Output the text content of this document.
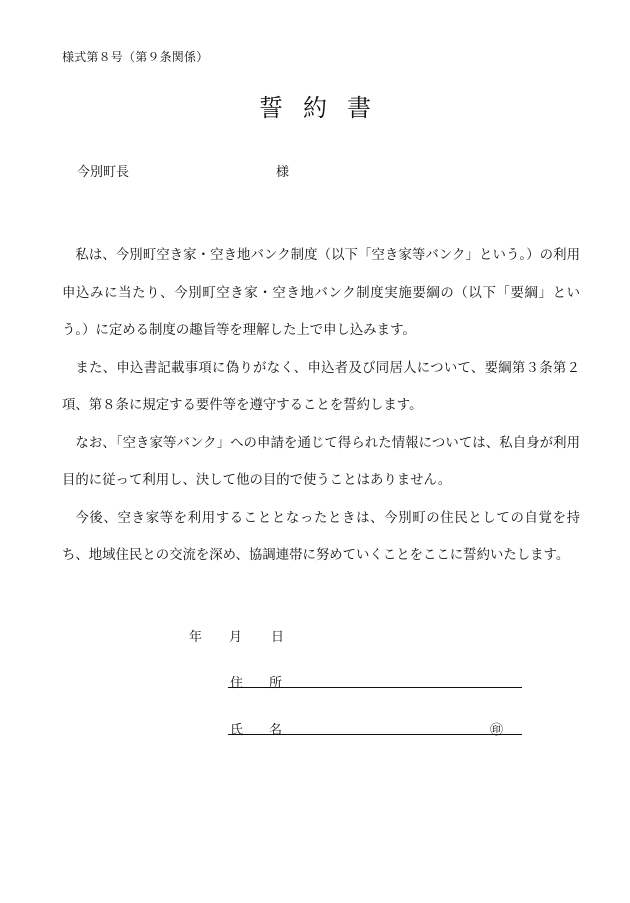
様式第８号（第９条関係）
誓約書
今別町長	様

私は、今別町空き家・空き地バンク制度（以下「空き家等バンク」という。）の利用申込みに当たり、今別町空き家・空き地バンク制度実施要綱の（以下「要綱」という。）に定める制度の趣旨等を理解した上で申し込みます。

また、申込書記載事項に偽りがなく、申込者及び同居人について、要綱第３条第２項、第８条に規定する要件等を遵守することを誓約します。

なお、「空き家等バンク」への申請を通じて得られた情報については、私自身が利用目的に従って利用し、決して他の目的で使うことはありません。

今後、空き家等を利用することとなったときは、今別町の住民としての自覚を持ち、地域住民との交流を深め、協調連帯に努めていくことをここに誓約いたします。

年 月 日
住 所
氏 名	㊞
